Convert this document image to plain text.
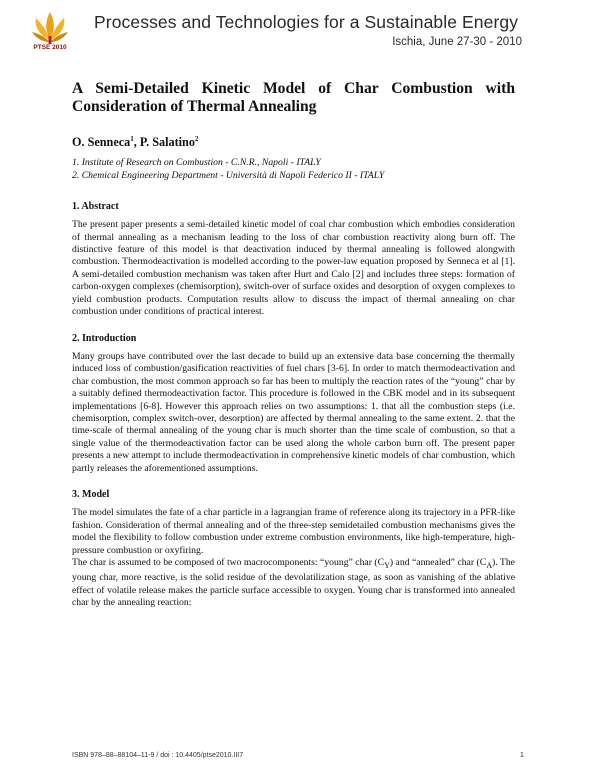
PTSE 2010
Processes and Technologies for a Sustainable Energy
Ischia, June 27-30 - 2010
A Semi-Detailed Kinetic Model of Char Combustion with Consideration of Thermal Annealing
O. Senneca$^1$, P. Salatino$^2$
1. Institute of Research on Combustion - C.N.R., Napoli - ITALY
2. Chemical Engineering Department - Università di Napoli Federico II - ITALY
1. Abstract

The present paper presents a semi-detailed kinetic model of coal char combustion which embodies consideration of thermal annealing as a mechanism leading to the loss of char combustion reactivity along burn off. The distinctive feature of this model is that deactivation induced by thermal annealing is followed alongwith combustion. Thermodeactivation is modelled according to the power-law equation proposed by Senneca et al [1]. A semi-detailed combustion mechanism was taken after Hurt and Calo [2] and includes three steps: formation of carbon-oxygen complexes (chemisorption), switch-over of surface oxides and desorption of oxygen complexes to yield combustion products. Computation results allow to discuss the impact of thermal annealing on char combustion under conditions of practical interest.

2. Introduction

Many groups have contributed over the last decade to build up an extensive data base concerning the thermally induced loss of combustion/gasification reactivities of fuel chars [3-6]. In order to match thermodeactivation and char combustion, the most common approach so far has been to multiply the reaction rates of the “young” char by a suitably defined thermodeactivation factor. This procedure is followed in the CBK model and in its subsequent implementations [6-8]. However this approach relies on two assumptions: 1. that all the combustion steps (i.e. chemisorption, complex switch-over, desorption) are affected by thermal annealing to the same extent. 2. that the time-scale of thermal annealing of the young char is much shorter than the time scale of combustion, so that a single value of the thermodeactivation factor can be used along the whole carbon burn off. The present paper presents a new attempt to include thermodeactivation in comprehensive kinetic models of char combustion, which partly releases the aforementioned assumptions.

3. Model

The model simulates the fate of a char particle in a lagrangian frame of reference along its trajectory in a PFR-like fashion. Consideration of thermal annealing and of the three-step semidetailed combustion mechanisms gives the model the flexibility to follow combustion under extreme combustion environments, like high-temperature, high-pressure combustion or oxyfiring.

The char is assumed to be composed of two macrocomponents: “young” char $(C_Y)$ and “annealed” char $(C_A)$. The young char, more reactive, is the solid residue of the devolatilization stage, as soon as vanishing of the ablative effect of volatile release makes the particle surface accessible to oxygen. Young char is transformed into annealed char by the annealing reaction:

ISBN 978–88–88104–11-9 / doi : 10.4405/ptse2010.III7	1
